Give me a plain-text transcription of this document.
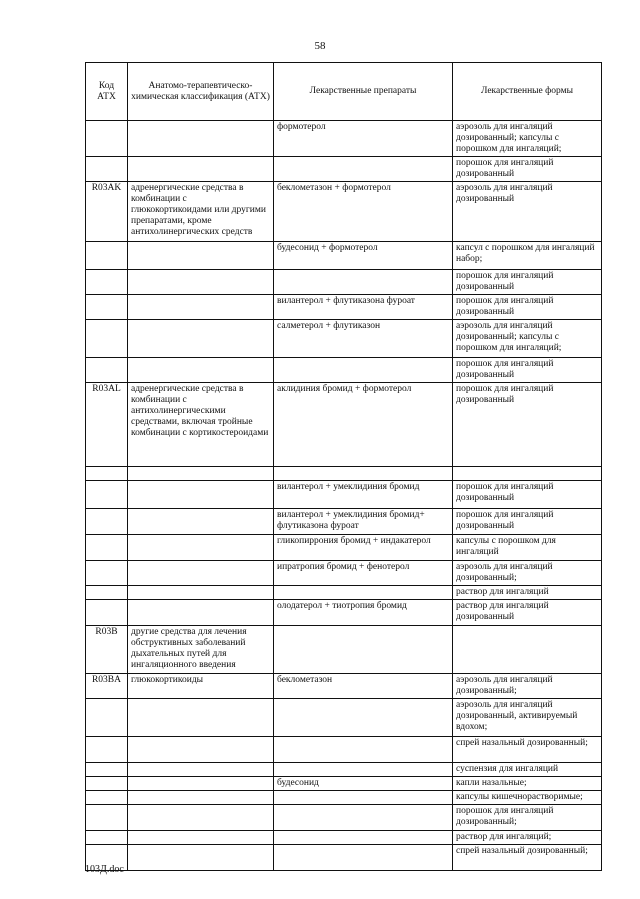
58
Код АТХ	Анатомо-терапевтическо-химическая классификация (АТХ)	Лекарственные препараты	Лекарственные формы
		формотерол	аэрозоль для ингаляций дозированный; капсулы с порошком для ингаляций;
			порошок для ингаляций дозированный
R03AK	адренергические средства в комбинации с глюкокортикоидами или другими препаратами, кроме антихолинергических средств	беклометазон + формотерол	аэрозоль для ингаляций дозированный
		будесонид + формотерол	капсул с порошком для ингаляций набор;
			порошок для ингаляций дозированный
		вилантерол + флутиказона фуроат	порошок для ингаляций дозированный
		салметерол + флутиказон	аэрозоль для ингаляций дозированный; капсулы с порошком для ингаляций;
			порошок для ингаляций дозированный
R03AL	адренергические средства в комбинации с антихолинергическими средствами, включая тройные комбинации с кортикостероидами	аклидиния бромид + формотерол	порошок для ингаляций дозированный

		вилантерол + умеклидиния бромид	порошок для ингаляций дозированный
		вилантерол + умеклидиния бромид+ флутиказона фуроат	порошок для ингаляций дозированный
		гликопиррония бромид + индакатерол	капсулы с порошком для ингаляций
		ипратропия бромид + фенотерол	аэрозоль для ингаляций дозированный;
			раствор для ингаляций
		олодатерол + тиотропия бромид	раствор для ингаляций дозированный
R03B	другие средства для лечения обструктивных заболеваний дыхательных путей для ингаляционного введения		
R03BA	глюкокортикоиды	беклометазон	аэрозоль для ингаляций дозированный;
			аэрозоль для ингаляций дозированный, активируемый вдохом;
			спрей назальный дозированный;
			суспензия для ингаляций
		будесонид	капли назальные;
			капсулы кишечнорастворимые;
			порошок для ингаляций дозированный;
			раствор для ингаляций;
			спрей назальный дозированный;
103Д.doc
